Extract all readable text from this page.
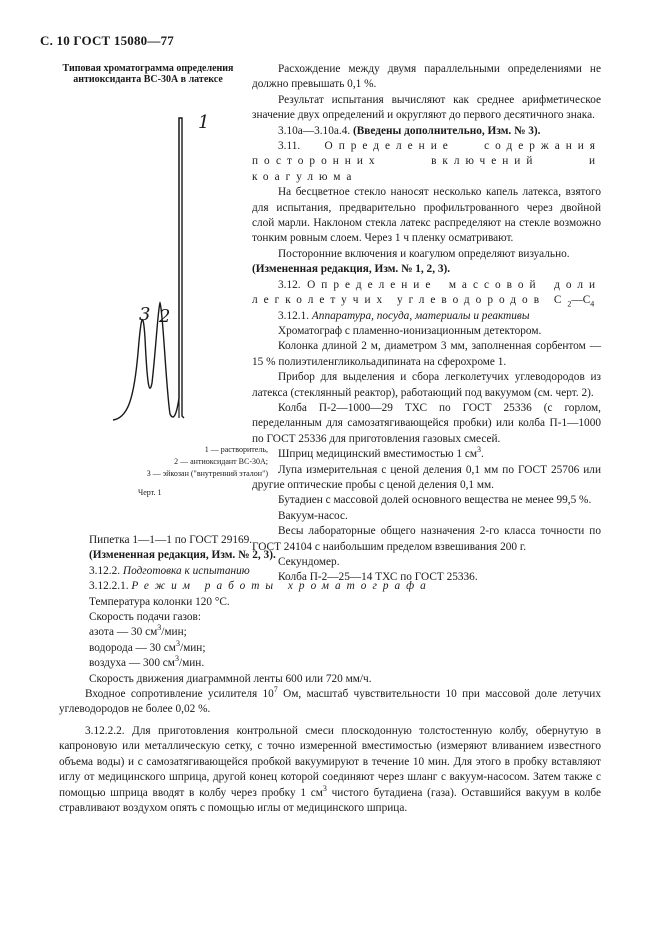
С. 10 ГОСТ 15080—77
Типовая хроматограмма определения антиоксиданта ВС-30А в латексе
1
2
3
1 — растворитель,
2 — антиоксидант ВС-30А;
3 — эйкозан ("внутренний эталон")
Черт. 1

Расхождение между двумя параллельными определениями не должно превышать 0,1 %.

Результат испытания вычисляют как среднее арифметическое значение двух определений и округляют до первого десятичного знака.

3.10а—3.10а.4. (Введены дополнительно, Изм. № 3).

3.11. Определение содержания посторонних включений и коагулюма

На бесцветное стекло наносят несколько капель латекса, взятого для испытания, предварительно профильтрованного через двойной слой марли. Наклоном стекла латекс распределяют на стекле возможно тонким ровным слоем. Через 1 ч пленку осматривают.

Посторонние включения и коагулюм определяют визуально.

(Измененная редакция, Изм. № 1, 2, 3).

3.12. Определение массовой доли легколетучих углеводородов $С_2—С_4$

3.12.1. Аппаратура, посуда, материалы и реактивы

Хроматограф с пламенно-ионизационным детектором.

Колонка длиной 2 м, диаметром 3 мм, заполненная сорбентом — 15 % полиэтиленгликольадипината на сферохроме 1.

Прибор для выделения и сбора легколетучих углеводородов из латекса (стеклянный реактор), работающий под вакуумом (см. черт. 2).

Колба П-2—1000—29 ТХС по ГОСТ 25336 (с горлом, переделанным для самозатягивающейся пробки) или колба П-1—1000 по ГОСТ 25336 для приготовления газовых смесей.

Шприц медицинский вместимостью 1 $см^3$.

Лупа измерительная с ценой деления 0,1 мм по ГОСТ 25706 или другие оптические пробы с ценой деления 0,1 мм.

Бутадиен с массовой долей основного вещества не менее 99,5 %.

Вакуум-насос.

Весы лабораторные общего назначения 2-го класса точности по ГОСТ 24104 с наибольшим пределом взвешивания 200 г.

Секундомер.

Колба П-2—25—14 ТХС по ГОСТ 25336.

Пипетка 1—1—1 по ГОСТ 29169.

(Измененная редакция, Изм. № 2, 3).

3.12.2. Подготовка к испытанию

3.12.2.1. Режим работы хроматографа

Температура колонки 120 °С.

Скорость подачи газов:

азота — 30 $см^3$/мин;

водорода — 30 $см^3$/мин;

воздуха — 300 $см^3$/мин.

Скорость движения диаграммной ленты 600 или 720 мм/ч.

Входное сопротивление усилителя $10^7$ Ом, масштаб чувствительности 10 при массовой доле летучих углеводородов не более 0,02 %.

3.12.2.2. Для приготовления контрольной смеси плоскодонную толстостенную колбу, обернутую в капроновую или металлическую сетку, с точно измеренной вместимостью (измеряют вливанием известного объема воды) и с самозатягивающейся пробкой вакуумируют в течение 10 мин. Для этого в пробку вставляют иглу от медицинского шприца, другой конец которой соединяют через шланг с вакуум-насосом. Затем также с помощью шприца вводят в колбу через пробку 1 $см^3$ чистого бутадиена (газа). Оставшийся вакуум в колбе стравливают воздухом опять с помощью иглы от медицинского шприца.
